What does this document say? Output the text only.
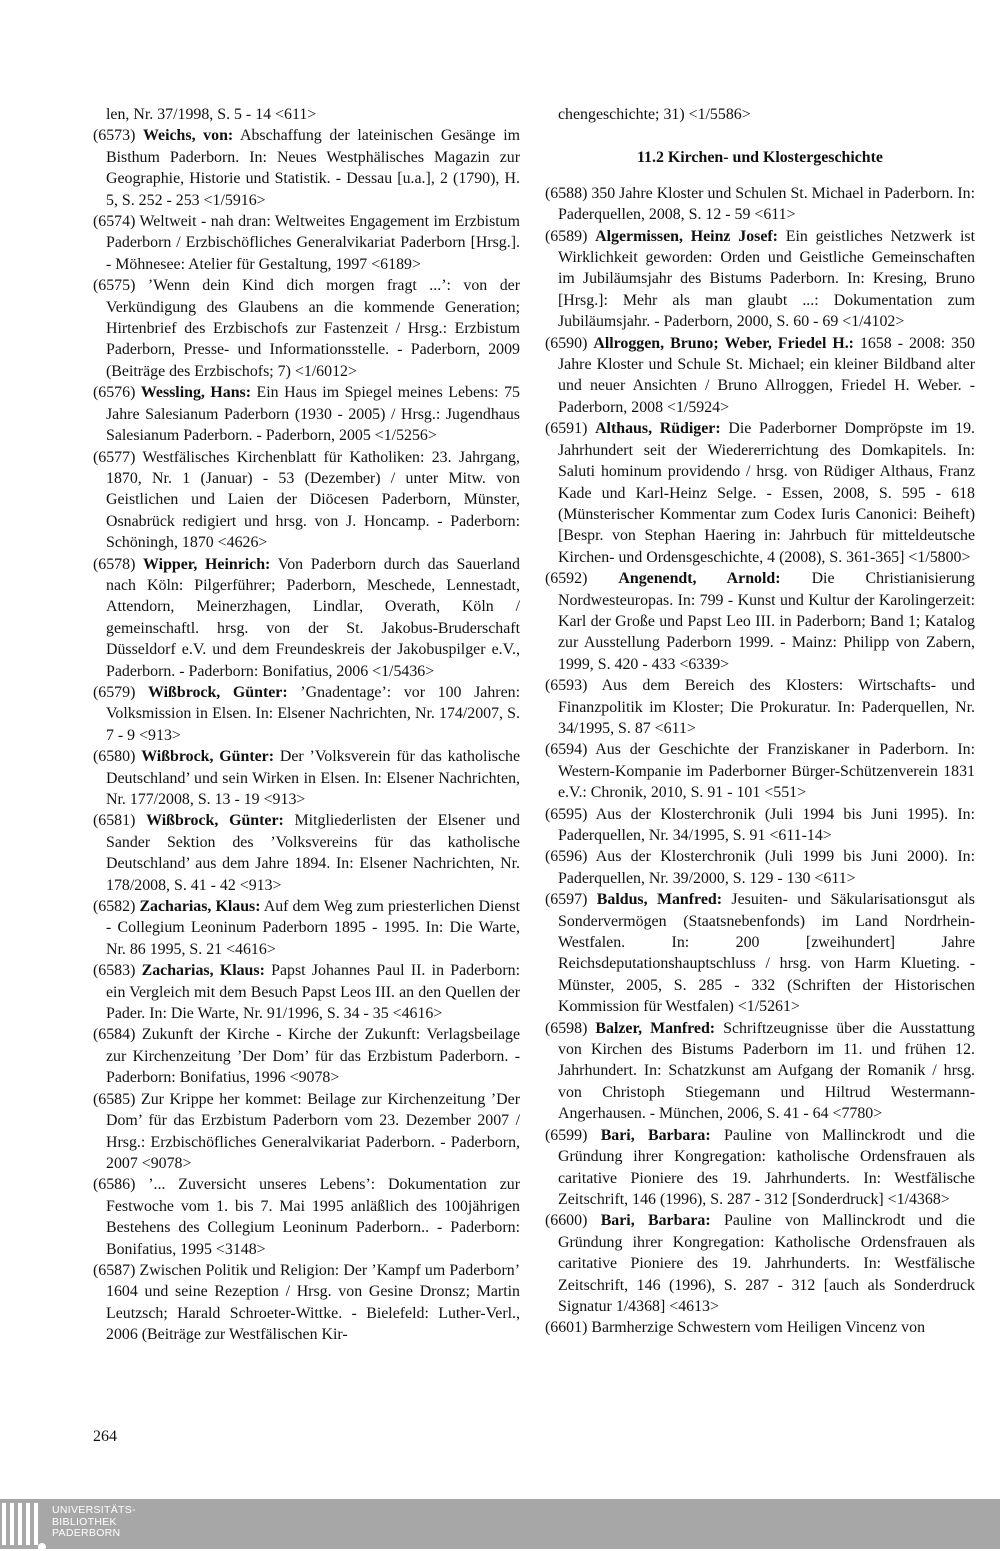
len, Nr. 37/1998, S. 5 - 14 <611>

(6573) Weichs, von: Abschaffung der lateinischen Gesänge im Bisthum Paderborn. In: Neues Westphälisches Magazin zur Geographie, Historie und Statistik. - Dessau [u.a.], 2 (1790), H. 5, S. 252 - 253 <1/5916>

(6574) Weltweit - nah dran: Weltweites Engagement im Erzbistum Paderborn / Erzbischöfliches Generalvikariat Paderborn [Hrsg.]. - Möhnesee: Atelier für Gestaltung, 1997 <6189>

(6575) ’Wenn dein Kind dich morgen fragt ...’: von der Verkündigung des Glaubens an die kommende Generation; Hirtenbrief des Erzbischofs zur Fastenzeit / Hrsg.: Erzbistum Paderborn, Presse- und Informationsstelle. - Paderborn, 2009 (Beiträge des Erzbischofs; 7) <1/6012>

(6576) Wessling, Hans: Ein Haus im Spiegel meines Lebens: 75 Jahre Salesianum Paderborn (1930 - 2005) / Hrsg.: Jugendhaus Salesianum Paderborn. - Paderborn, 2005 <1/5256>

(6577) Westfälisches Kirchenblatt für Katholiken: 23. Jahrgang, 1870, Nr. 1 (Januar) - 53 (Dezember) / unter Mitw. von Geistlichen und Laien der Diöcesen Paderborn, Münster, Osnabrück redigiert und hrsg. von J. Honcamp. - Paderborn: Schöningh, 1870 <4626>

(6578) Wipper, Heinrich: Von Paderborn durch das Sauerland nach Köln: Pilgerführer; Paderborn, Meschede, Lennestadt, Attendorn, Meinerzhagen, Lindlar, Overath, Köln / gemeinschaftl. hrsg. von der St. Jakobus-Bruderschaft Düsseldorf e.V. und dem Freundeskreis der Jakobuspilger e.V., Paderborn. - Paderborn: Bonifatius, 2006 <1/5436>

(6579) Wißbrock, Günter: ’Gnadentage’: vor 100 Jahren: Volksmission in Elsen. In: Elsener Nachrichten, Nr. 174/2007, S. 7 - 9 <913>

(6580) Wißbrock, Günter: Der ’Volksverein für das katholische Deutschland’ und sein Wirken in Elsen. In: Elsener Nachrichten, Nr. 177/2008, S. 13 - 19 <913>

(6581) Wißbrock, Günter: Mitgliederlisten der Elsener und Sander Sektion des ’Volksvereins für das katholische Deutschland’ aus dem Jahre 1894. In: Elsener Nachrichten, Nr. 178/2008, S. 41 - 42 <913>

(6582) Zacharias, Klaus: Auf dem Weg zum priesterlichen Dienst - Collegium Leoninum Paderborn 1895 - 1995. In: Die Warte, Nr. 86 1995, S. 21 <4616>

(6583) Zacharias, Klaus: Papst Johannes Paul II. in Paderborn: ein Vergleich mit dem Besuch Papst Leos III. an den Quellen der Pader. In: Die Warte, Nr. 91/1996, S. 34 - 35 <4616>

(6584) Zukunft der Kirche - Kirche der Zukunft: Verlagsbeilage zur Kirchenzeitung ’Der Dom’ für das Erzbistum Paderborn. - Paderborn: Bonifatius, 1996 <9078>

(6585) Zur Krippe her kommet: Beilage zur Kirchenzeitung ’Der Dom’ für das Erzbistum Paderborn vom 23. Dezember 2007 / Hrsg.: Erzbischöfliches Generalvikariat Paderborn. - Paderborn, 2007 <9078>

(6586) ’... Zuversicht unseres Lebens’: Dokumentation zur Festwoche vom 1. bis 7. Mai 1995 anläßlich des 100jährigen Bestehens des Collegium Leoninum Paderborn.. - Paderborn: Bonifatius, 1995 <3148>

(6587) Zwischen Politik und Religion: Der ’Kampf um Paderborn’ 1604 und seine Rezeption / Hrsg. von Gesine Dronsz; Martin Leutzsch; Harald Schroeter-Wittke. - Bielefeld: Luther-Verl., 2006 (Beiträge zur Westfälischen Kir-

chengeschichte; 31) <1/5586>

11.2 Kirchen- und Klostergeschichte

(6588) 350 Jahre Kloster und Schulen St. Michael in Paderborn. In: Paderquellen, 2008, S. 12 - 59 <611>

(6589) Algermissen, Heinz Josef: Ein geistliches Netzwerk ist Wirklichkeit geworden: Orden und Geistliche Gemeinschaften im Jubiläumsjahr des Bistums Paderborn. In: Kresing, Bruno [Hrsg.]: Mehr als man glaubt ...: Dokumentation zum Jubiläumsjahr. - Paderborn, 2000, S. 60 - 69 <1/4102>

(6590) Allroggen, Bruno; Weber, Friedel H.: 1658 - 2008: 350 Jahre Kloster und Schule St. Michael; ein kleiner Bildband alter und neuer Ansichten / Bruno Allroggen, Friedel H. Weber. - Paderborn, 2008 <1/5924>

(6591) Althaus, Rüdiger: Die Paderborner Domprӧpste im 19. Jahrhundert seit der Wiedererrichtung des Domkapitels. In: Saluti hominum providendo / hrsg. von Rüdiger Althaus, Franz Kade und Karl-Heinz Selge. - Essen, 2008, S. 595 - 618 (Münsterischer Kommentar zum Codex Iuris Canonici: Beiheft) [Bespr. von Stephan Haering in: Jahrbuch für mitteldeutsche Kirchen- und Ordensgeschichte, 4 (2008), S. 361-365] <1/5800>

(6592) Angenendt, Arnold: Die Christianisierung Nordwesteuropas. In: 799 - Kunst und Kultur der Karolingerzeit: Karl der Große und Papst Leo III. in Paderborn; Band 1; Katalog zur Ausstellung Paderborn 1999. - Mainz: Philipp von Zabern, 1999, S. 420 - 433 <6339>

(6593) Aus dem Bereich des Klosters: Wirtschafts- und Finanzpolitik im Kloster; Die Prokuratur. In: Paderquellen, Nr. 34/1995, S. 87 <611>

(6594) Aus der Geschichte der Franziskaner in Paderborn. In: Western-Kompanie im Paderborner Bürger-Schützenverein 1831 e.V.: Chronik, 2010, S. 91 - 101 <551>

(6595) Aus der Klosterchronik (Juli 1994 bis Juni 1995). In: Paderquellen, Nr. 34/1995, S. 91 <611-14>

(6596) Aus der Klosterchronik (Juli 1999 bis Juni 2000). In: Paderquellen, Nr. 39/2000, S. 129 - 130 <611>

(6597) Baldus, Manfred: Jesuiten- und Säkularisationsgut als Sondervermӧgen (Staatsnebenfonds) im Land Nordrhein-Westfalen. In: 200 [zweihundert] Jahre Reichsdeputationshauptschluss / hrsg. von Harm Klueting. - Münster, 2005, S. 285 - 332 (Schriften der Historischen Kommission für Westfalen) <1/5261>

(6598) Balzer, Manfred: Schriftzeugnisse über die Ausstattung von Kirchen des Bistums Paderborn im 11. und frühen 12. Jahrhundert. In: Schatzkunst am Aufgang der Romanik / hrsg. von Christoph Stiegemann und Hiltrud Westermann-Angerhausen. - München, 2006, S. 41 - 64 <7780>

(6599) Bari, Barbara: Pauline von Mallinckrodt und die Gründung ihrer Kongregation: katholische Ordensfrauen als caritative Pioniere des 19. Jahrhunderts. In: Westfälische Zeitschrift, 146 (1996), S. 287 - 312 [Sonderdruck] <1/4368>

(6600) Bari, Barbara: Pauline von Mallinckrodt und die Gründung ihrer Kongregation: Katholische Ordensfrauen als caritative Pioniere des 19. Jahrhunderts. In: Westfälische Zeitschrift, 146 (1996), S. 287 - 312 [auch als Sonderdruck Signatur 1/4368] <4613>

(6601) Barmherzige Schwestern vom Heiligen Vincenz von

264
UNIVERSITÄTS-
BIBLIOTHEK
PADERBORN
